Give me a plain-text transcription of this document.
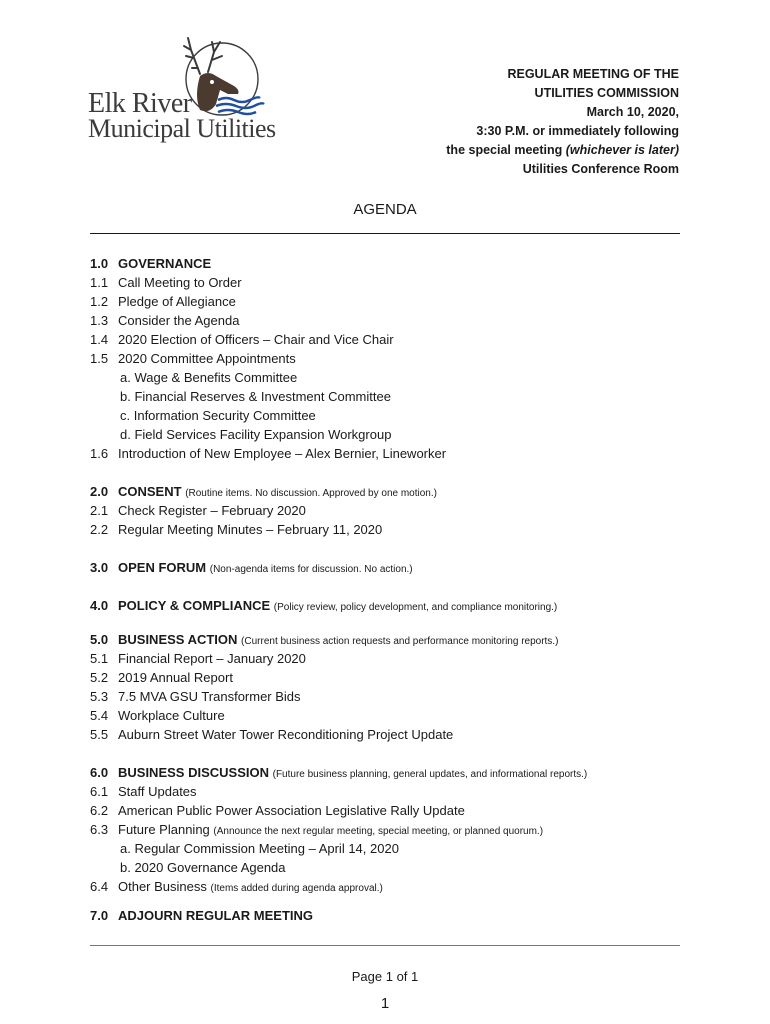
Elk River
Municipal Utilities
REGULAR MEETING OF THE
UTILITIES COMMISSION
March 10, 2020,
3:30 P.M. or immediately following
the special meeting (whichever is later)
Utilities Conference Room
AGENDA
1.0 GOVERNANCE
1.1 Call Meeting to Order
1.2 Pledge of Allegiance
1.3 Consider the Agenda
1.4 2020 Election of Officers – Chair and Vice Chair
1.5 2020 Committee Appointments
a. Wage & Benefits Committee
b. Financial Reserves & Investment Committee
c. Information Security Committee
d. Field Services Facility Expansion Workgroup
1.6 Introduction of New Employee – Alex Bernier, Lineworker
2.0 CONSENT (Routine items. No discussion. Approved by one motion.)
2.1 Check Register – February 2020
2.2 Regular Meeting Minutes – February 11, 2020
3.0 OPEN FORUM (Non-agenda items for discussion. No action.)
4.0 POLICY & COMPLIANCE (Policy review, policy development, and compliance monitoring.)
5.0 BUSINESS ACTION (Current business action requests and performance monitoring reports.)
5.1 Financial Report – January 2020
5.2 2019 Annual Report
5.3 7.5 MVA GSU Transformer Bids
5.4 Workplace Culture
5.5 Auburn Street Water Tower Reconditioning Project Update
6.0 BUSINESS DISCUSSION (Future business planning, general updates, and informational reports.)
6.1 Staff Updates
6.2 American Public Power Association Legislative Rally Update
6.3 Future Planning (Announce the next regular meeting, special meeting, or planned quorum.)
a. Regular Commission Meeting – April 14, 2020
b. 2020 Governance Agenda
6.4 Other Business (Items added during agenda approval.)
7.0 ADJOURN REGULAR MEETING
Page 1 of 1
1
